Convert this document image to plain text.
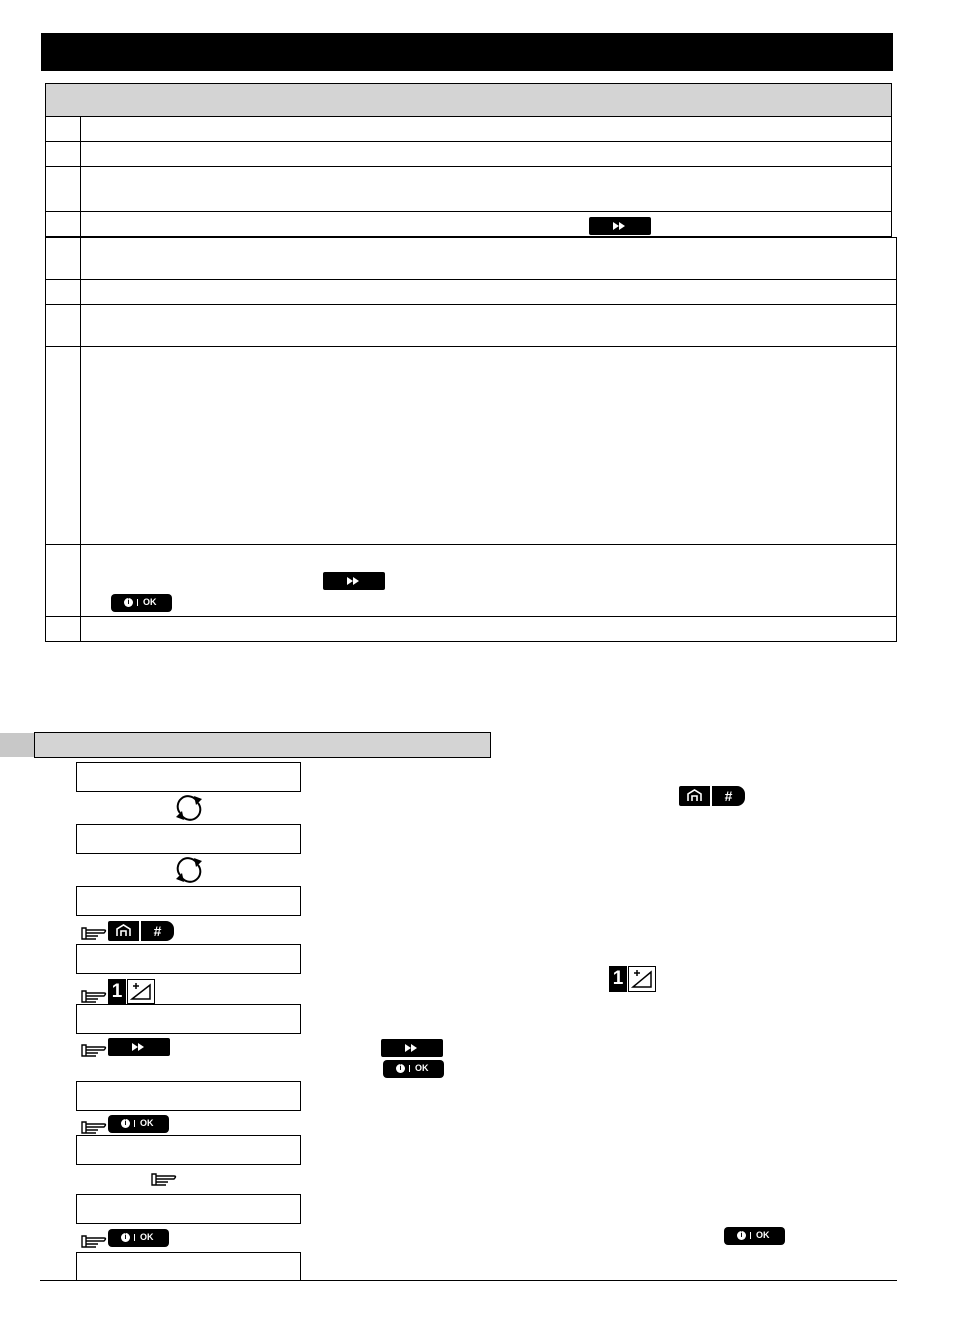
i OK
#
1
i OK
i OK
#
1
i OK
i OK
